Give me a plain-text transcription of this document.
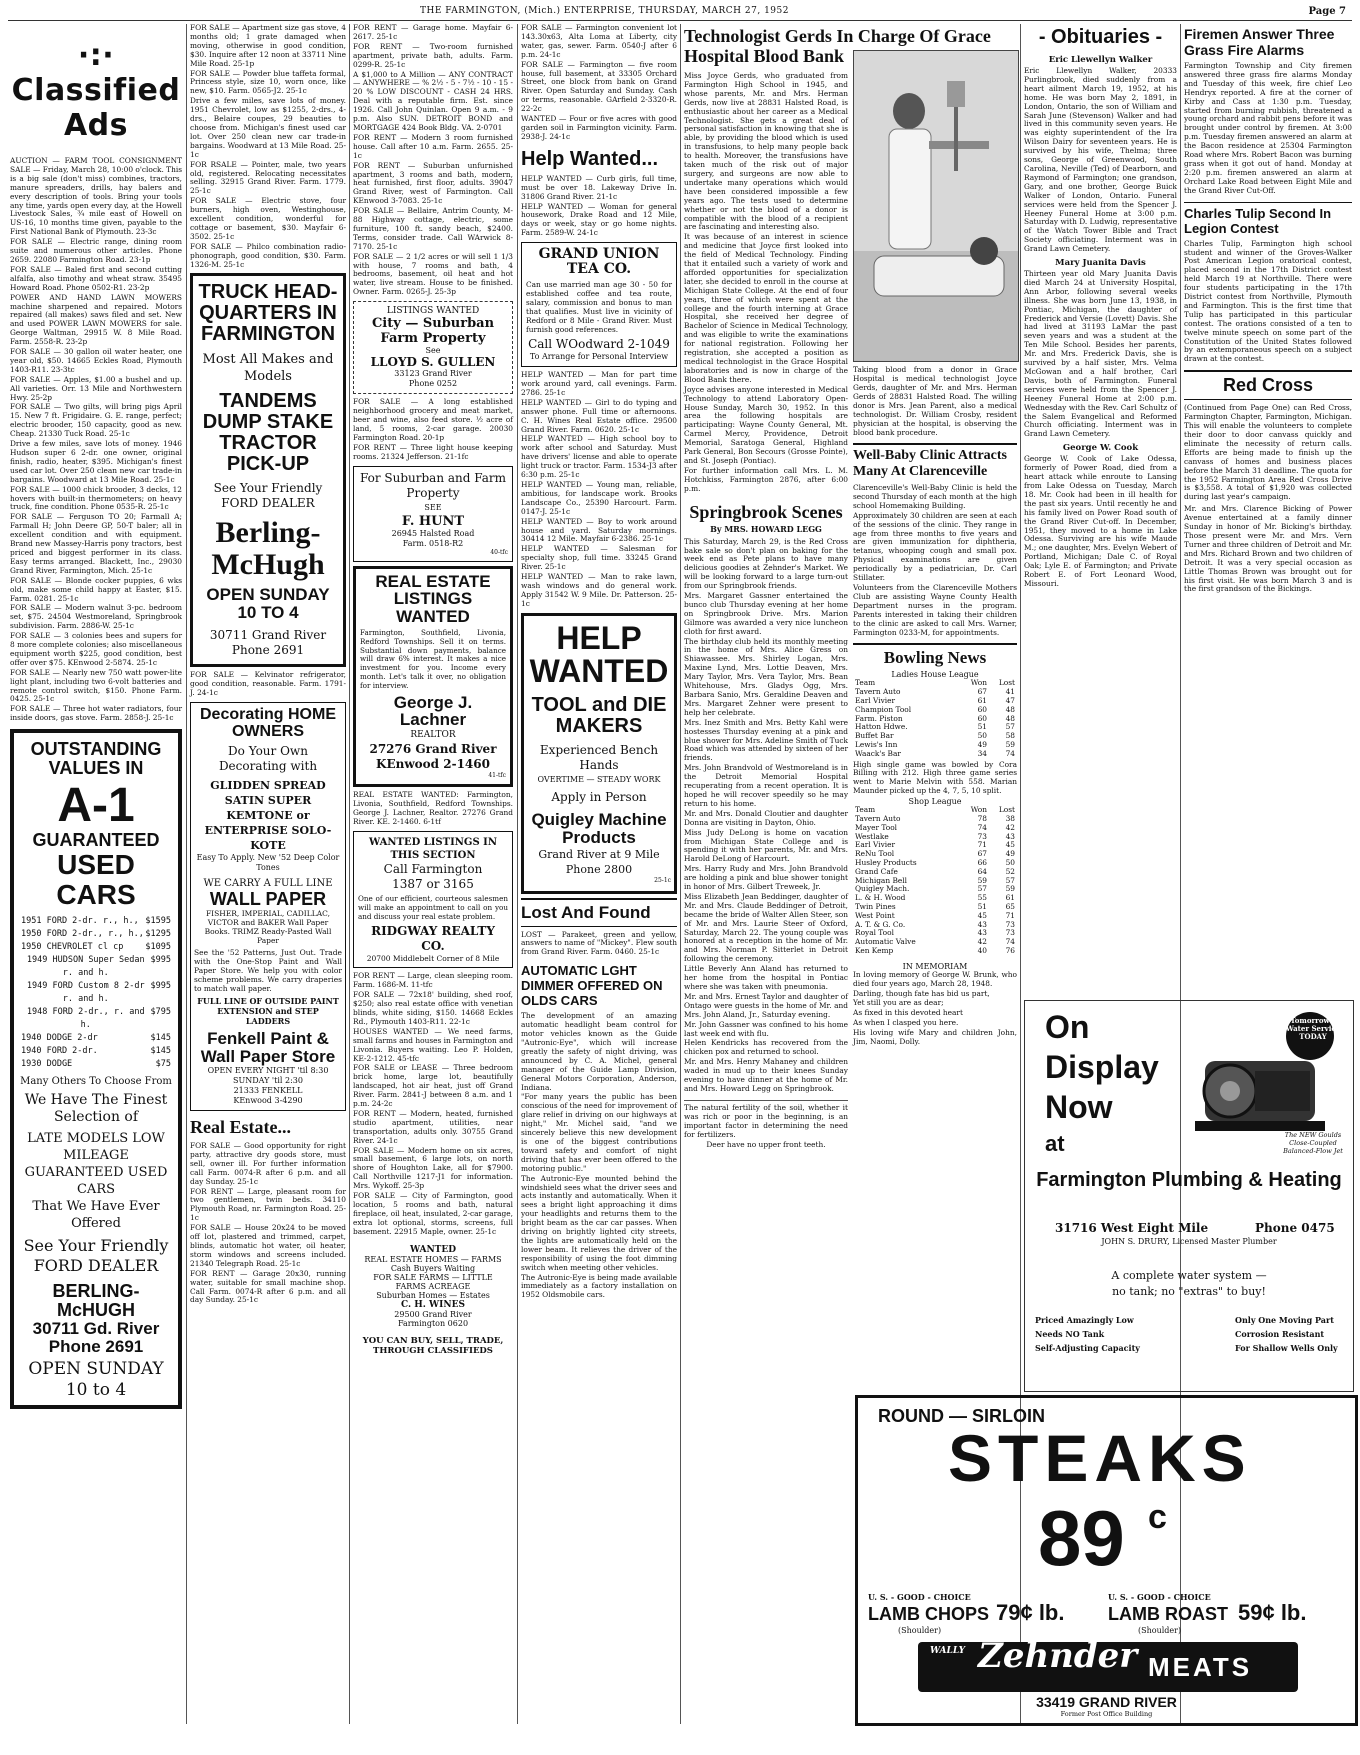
THE FARMINGTON, (Mich.) ENTERPRISE, THURSDAY, MARCH 27, 1952	Page 7
·:· Classified Ads

AUCTION — FARM TOOL CONSIGNMENT SALE — Friday, March 28, 10:00 o'clock. This is a big sale (don't miss) combines, tractors, manure spreaders, drills, hay balers and every description of tools. Bring your tools any time, yards open every day, at the Howell Livestock Sales, ¾ mile east of Howell on US-16, 10 months time given, payable to the First National Bank of Plymouth. 23-3c

FOR SALE — Electric range, dining room suite and numerous other articles. Phone 2659. 22080 Farmington Road. 23-1p

FOR SALE — Baled first and second cutting alfalfa, also timothy and wheat straw. 35495 Howard Road. Phone 0502-R1. 23-2p

POWER AND HAND LAWN MOWERS machine sharpened and repaired. Motors repaired (all makes) saws filed and set. New and used POWER LAWN MOWERS for sale. George Waltman, 29915 W. 8 Mile Road. Farm. 2558-R. 23-2p

FOR SALE — 30 gallon oil water heater, one year old, $50. 14665 Eckles Road, Plymouth 1403-R11. 23-3tc

FOR SALE — Apples, $1.00 a bushel and up. All varieties. Orr. 13 Mile and Northwestern Hwy. 25-2p

FOR SALE — Two gilts, will bring pigs April 15. New 7 ft. Frigidaire. G. E. range, perfect; electric brooder, 150 capacity, good as new. Cheap. 21330 Tuck Road. 25-1c

Drive a few miles, save lots of money. 1946 Hudson super 6 2-dr. one owner, original finish, radio, heater, $395. Michigan's finest used car lot. Over 250 clean new car trade-in bargains. Woodward at 13 Mile Road. 25-1c

FOR SALE — 1000 chick brooder, 3 decks, 12 hovers with built-in thermometers; on heavy truck, fine condition. Phone 0535-R. 25-1c

FOR SALE — Ferguson TO 20; Farmall A; Farmall H; John Deere GP, 50-T baler; all in excellent condition and with equipment. Brand new Massey-Harris pony tractors, best priced and biggest performer in its class. Easy terms arranged. Blackett, Inc., 29030 Grand River, Farmington, Mich. 25-1c

FOR SALE — Blonde cocker puppies, 6 wks old, make some child happy at Easter, $15. Farm. 0281. 25-1c

FOR SALE — Modern walnut 3-pc. bedroom set, $75. 24504 Westmoreland, Springbrook subdivision. Farm. 2886-W. 25-1c

FOR SALE — 3 colonies bees and supers for 8 more complete colonies; also miscellaneous equipment worth $225, good condition, best offer over $75. KEnwood 2-5874. 25-1c

FOR SALE — Nearly new 750 watt power-lite light plant, including two 6-volt batteries and remote control switch, $150. Phone Farm. 0425. 25-1c

FOR SALE — Three hot water radiators, four inside doors, gas stove. Farm. 2858-J. 25-1c

OUTSTANDING VALUES IN
A-1
GUARANTEED
USED CARS
1951 FORD 2-dr. r., h., $1595
1950 FORD 2-dr., r., h., $1295
1950 CHEVROLET cl cp	$1095
1949 HUDSON Super Sedan r. and h.
$995
1949 FORD Custom 8 2-dr r. and h.
$995
1948 FORD 2-dr., r. and h.
$795
1940 DODGE 2-dr	$145
1940 FORD 2-dr.	$145
1930 DODGE	$75
Many Others To Choose From
We Have The Finest Selection of
LATE MODELS LOW MILEAGE GUARANTEED USED CARS
That We Have Ever Offered
See Your Friendly FORD DEALER
BERLING-McHUGH
30711 Gd. River
Phone 2691
OPEN SUNDAY 10 to 4

FOR SALE — Apartment size gas stove, 4 months old; 1 grate damaged when moving, otherwise in good condition, $30. Inquire after 12 noon at 33711 Nine Mile Road. 25-1p

FOR SALE — Powder blue taffeta formal, Princess style, size 10, worn once, like new, $10. Farm. 0565-J2. 25-1c

Drive a few miles, save lots of money. 1951 Chevrolet, low as $1255, 2-drs., 4-drs., Belaire coupes, 29 beauties to choose from. Michigan's finest used car lot. Over 250 clean new car trade-in bargains. Woodward at 13 Mile Road. 25-1c

FOR RSALE — Pointer, male, two years old, registered. Relocating necessitates selling. 32915 Grand River. Farm. 1779. 25-1c

FOR SALE — Electric stove, four burners, high oven, Westinghouse, excellent condition, wonderful for cottage or basement, $30. Mayfair 6-3502. 25-1c

FOR SALE — Philco combination radio-phonograph, good condition, $30. Farm. 1326-M. 25-1c

TRUCK HEAD-QUARTERS IN FARMINGTON
Most All Makes and Models
TANDEMS DUMP STAKE TRACTOR PICK-UP
See Your Friendly FORD DEALER
Berling-McHugh
OPEN SUNDAY 10 TO 4
30711 Grand River
Phone 2691

FOR SALE — Kelvinator refrigerator, good condition, reasonable. Farm. 1791-J. 24-1c

Decorating HOME OWNERS
Do Your Own Decorating with
GLIDDEN SPREAD SATIN SUPER KEMTONE or ENTERPRISE SOLO-KOTE
Easy To Apply. New '52 Deep Color Tones
WE CARRY A FULL LINE
WALL PAPER
FISHER, IMPERIAL, CADILLAC, VICTOR and BAKER Wall Paper Books. TRIMZ Ready-Pasted Wall Paper
See the '52 Patterns, Just Out. Trade with the One-Stop Paint and Wall Paper Store. We help you with color scheme problems. We carry draperies to match wall paper.
FULL LINE OF OUTSIDE PAINT EXTENSION and STEP LADDERS
Fenkell Paint & Wall Paper Store
OPEN EVERY NIGHT 'til 8:30 SUNDAY 'til 2:30
21333 FENKELL
KEnwood 3-4290
Real Estate...

FOR SALE — Good opportunity for right party, attractive dry goods store, must sell, owner ill. For further information call Farm. 0074-R after 6 p.m. and all day Sunday. 25-1c

FOR RENT — Large, pleasant room for two gentlemen, twin beds. 34110 Plymouth Road, nr. Farmington Road. 25-1c

FOR SALE — House 20x24 to be moved off lot, plastered and trimmed, carpet, blinds, automatic hot water, oil heater, storm windows and screens included. 21340 Telegraph Road. 25-1c

FOR RENT — Garage 20x30, running water, suitable for small machine shop. Call Farm. 0074-R after 6 p.m. and all day Sunday. 25-1c

FOR RENT — Garage home. Mayfair 6-2617. 25-1c

FOR RENT — Two-room furnished apartment, private bath, adults. Farm. 0299-R. 25-1c

A $1,000 to A Million — ANY CONTRACT — ANYWHERE — % 2½ - 5 - 7½ - 10 - 15 - 20 % LOW DISCOUNT - CASH 24 HRS. Deal with a reputable firm. Est. since 1926. Call John Quinlan. Open 9 a.m. - 9 p.m. Also SUN. DETROIT BOND and MORTGAGE 424 Book Bldg. VA. 2-0701

FOR RENT — Modern 3 room furnished house. Call after 10 a.m. Farm. 2655. 25-1c

FOR RENT — Suburban unfurnished apartment, 3 rooms and bath, modern, heat furnished, first floor, adults. 39047 Grand River, west of Farmington. Call KEnwood 3-7083. 25-1c

FOR SALE — Bellaire, Antrim County, M-88 Highway cottage, electric, some furniture, 100 ft. sandy beach, $2400. Terms, consider trade. Call WArwick 8-7170. 25-1c

FOR SALE — 2 1/2 acres or will sell 1 1/3 with house, 7 rooms and bath, 4 bedrooms, basement, oil heat and hot water, live stream. House to be finished. Owner. Farm. 0265-J. 25-3p

LISTINGS WANTED
City — Suburban Farm Property
See
LLOYD S. GULLEN
33123 Grand River
Phone 0252

FOR SALE — A long established neighborhood grocery and meat market, beer and wine, also feed store. ½ acre of land, 5 rooms, 2-car garage. 20030 Farmington Road. 20-1p

FOR RENT — Three light house keeping rooms. 21324 Jefferson. 21-1fc

For Suburban and Farm Property
SEE
F. HUNT
26945 Halsted Road
Farm. 0518-R2
40-tfc
REAL ESTATE LISTINGS WANTED
Farmington, Southfield, Livonia, Redford Townships. Sell it on terms. Substantial down payments, balance will draw 6% interest. It makes a nice investment for you. Income every month. Let's talk it over, no obligation for interview.
George J. Lachner
REALTOR
27276 Grand River
KEnwood 2-1460
41-tfc

REAL ESTATE WANTED: Farmington, Livonia, Southfield, Redford Townships. George J. Lachner, Realtor. 27276 Grand River. KE. 2-1460. 6-1tf

WANTED LISTINGS IN THIS SECTION
Call Farmington
1387 or 3165
One of our efficient, courteous salesmen will make an appointment to call on you and discuss your real estate problem.
RIDGWAY REALTY CO.
20700 Middlebelt Corner of 8 Mile

FOR RENT — Large, clean sleeping room. Farm. 1686-M. 11-tfc

FOR SALE — 72x18' building, shed roof, $250; also real estate office with venetian blinds, white siding, $150. 14668 Eckles Rd., Plymouth 1403-R11. 22-1c

HOUSES WANTED — We need farms, small farms and houses in Farmington and Livonia. Buyers waiting. Leo P. Holden, KE-2-1212. 45-tfc

FOR SALE or LEASE — Three bedroom brick home, large lot, beautifully landscaped, hot air heat, just off Grand River. Farm. 2841-J between 8 a.m. and 1 p.m. 24-2c

FOR RENT — Modern, heated, furnished studio apartment, utilities, near transportation, adults only. 30755 Grand River. 24-1c

FOR SALE — Modern home on six acres, small basement, 6 large lots, on north shore of Houghton Lake, all for $7900. Call Northville 1217-J1 for information. Mrs. Wykoff. 25-3p

FOR SALE — City of Farmington, good location, 5 rooms and bath, natural fireplace, oil heat, insulated, 2-car garage, extra lot optional, storms, screens, full basement. 22915 Maple, owner. 25-1c

WANTED
REAL ESTATE HOMES — FARMS
Cash Buyers Waiting
FOR SALE FARMS — LITTLE FARMS ACREAGE
Suburban Homes — Estates
C. H. WINES
29500 Grand River
Farmington 0620
YOU CAN BUY, SELL, TRADE, THROUGH CLASSIFIEDS

FOR SALE — Farmington convenient lot 143.30x63, Alta Loma at Liberty, city water, gas, sewer. Farm. 0540-J after 6 p.m. 24-1c

FOR SALE — Farmington — five room house, full basement, at 33305 Orchard Street, one block from bank on Grand River. Open Saturday and Sunday. Cash or terms, reasonable. GArfield 2-3320-R. 22-2c

WANTED — Four or five acres with good garden soil in Farmington vicinity. Farm. 2938-J. 24-1c

Help Wanted...

HELP WANTED — Curb girls, full time, must be over 18. Lakeway Drive In. 31806 Grand River. 21-1c

HELP WANTED — Woman for general housework, Drake Road and 12 Mile, days or week, stay or go home nights. Farm. 2589-W. 24-1c

GRAND UNION TEA CO.
Can use married man age 30 - 50 for established coffee and tea route, salary, commission and bonus to man that qualifies. Must live in vicinity of Redford or 8 Mile - Grand River. Must furnish good references.
Call WOodward 2-1049
To Arrange for Personal Interview

HELP WANTED — Man for part time work around yard, call evenings. Farm. 2786. 25-1c

HELP WANTED — Girl to do typing and answer phone. Full time or afternoons. C. H. Wines Real Estate office. 29500 Grand River. Farm. 0620. 25-1c

HELP WANTED — High school boy to work after school and Saturday. Must have drivers' license and able to operate light truck or tractor. Farm. 1534-J3 after 6:30 p.m. 25-1c

HELP WANTED — Young man, reliable, ambitious, for landscape work. Brooks Landscape Co., 25390 Harcourt. Farm. 0147-J. 25-1c

HELP WANTED — Boy to work around house and yard. Saturday mornings. 30414 12 Mile. Mayfair 6-2386. 25-1c

HELP WANTED — Salesman for specialty shop, full time. 33245 Grand River. 25-1c

HELP WANTED — Man to rake lawn, wash windows and do general work. Apply 31542 W. 9 Mile. Dr. Patterson. 25-1c

HELP WANTED
TOOL and DIE MAKERS
Experienced Bench Hands
OVERTIME — STEADY WORK
Apply in Person
Quigley Machine Products
Grand River at 9 Mile
Phone 2800
25-1c
Lost And Found

LOST — Parakeet, green and yellow, answers to name of "Mickey". Flew south from Grand River. Farm. 0460. 25-1c

AUTOMATIC LGHT DIMMER OFFERED ON OLDS CARS

The development of an amazing automatic headlight beam control for motor vehicles known as the Guide "Autronic-Eye", which will increase greatly the safety of night driving, was announced by C. A. Michel, general manager of the Guide Lamp Division, General Motors Corporation, Anderson, Indiana.

"For many years the public has been conscious of the need for improvement of glare relief in driving on our highways at night," Mr. Michel said, "and we sincerely believe this new development is one of the biggest contributions toward safety and comfort of night driving that has ever been offered to the motoring public."

The Autronic-Eye mounted behind the windshield sees what the driver sees and acts instantly and automatically. When it sees a bright light approaching it dims your headlights and returns them to the bright beam as the car car passes. When driving on brightly lighted city streets, the lights are automatically held on the lower beam. It relieves the driver of the responsibility of using the foot dimming switch when meeting other vehicles.

The Autronic-Eye is being made available immediately as a factory installation on 1952 Oldsmobile cars.

Technologist Gerds In Charge Of Grace Hospital Blood Bank

Miss Joyce Gerds, who graduated from Farmington High School in 1945, and whose parents, Mr. and Mrs. Herman Gerds, now live at 28831 Halsted Road, is enthusiastic about her career as a Medical Technologist. She gets a great deal of personal satisfaction in knowing that she is able, by providing the blood which is used in transfusions, to help many people back to health. Moreover, the transfusions have taken much of the risk out of major surgery, and surgeons are now able to undertake many operations which would have been considered impossible a few years ago. The tests used to determine whether or not the blood of a donor is compatible with the blood of a recipient are fascinating and interesting also.

It was because of an interest in science and medicine that Joyce first looked into the field of Medical Technology. Finding that it entailed such a variety of work and afforded opportunities for specialization later, she decided to enroll in the course at Michigan State College. At the end of four years, three of which were spent at the college and the fourth interning at Grace Hospital, she received her degree of Bachelor of Science in Medical Technology, and was eligible to write the examinations for national registration. Following her registration, she accepted a position as medical technologist in the Grace Hospital laboratories and is now in charge of the Blood Bank there.

Joyce advises anyone interested in Medical Technology to attend Laboratory Open-House Sunday, March 30, 1952. In this area the following hospitals are participating: Wayne County General, Mt. Carmel Mercy, Providence, Detroit Memorial, Saratoga General, Highland Park General, Bon Secours (Grosse Pointe), and St. Joseph (Pontiac).

For further information call Mrs. L. M. Hotchkiss, Farmington 2876, after 6:00 p.m.

Springbrook Scenes
By MRS. HOWARD LEGG

This Saturday, March 29, is the Red Cross bake sale so don't plan on baking for the week end as Pete plans to have many delicious goodies at Zehnder's Market. We will be looking forward to a large turn-out from our Springbrook friends.

Mrs. Margaret Gassner entertained the bunco club Thursday evening at her home on Springbrook Drive. Mrs. Marion Gilmore was awarded a very nice luncheon cloth for first award.

The birthday club held its monthly meeting in the home of Mrs. Alice Gress on Shiawassee. Mrs. Shirley Logan, Mrs. Maxine Lynd, Mrs. Lottie Deaven, Mrs. Mary Taylor, Mrs. Vera Taylor, Mrs. Bean Whitehouse, Mrs. Gladys Ogg, Mrs. Barbara Sanio, Mrs. Geraldine Deaven and Mrs. Margaret Zehner were present to help her celebrate.

Mrs. Inez Smith and Mrs. Betty Kahl were hostesses Thursday evening at a pink and blue shower for Mrs. Adeline Smith of Tuck Road which was attended by sixteen of her friends.

Mrs. John Brandvold of Westmoreland is in the Detroit Memorial Hospital recuperating from a recent operation. It is hoped he will recover speedily so he may return to his home.

Mr. and Mrs. Donald Cloutier and daughter Donna are visiting in Dayton, Ohio.

Miss Judy DeLong is home on vacation from Michigan State College and is spending it with her parents, Mr. and Mrs. Harold DeLong of Harcourt.

Mrs. Harry Rudy and Mrs. John Brandvold are holding a pink and blue shower tonight in honor of Mrs. Gilbert Treweek, Jr.

Miss Elizabeth Jean Beddinger, daughter of Mr. and Mrs. Claude Beddinger of Detroit, became the bride of Walter Allen Steer, son of Mr. and Mrs. Laurie Steer of Oxford, Saturday, March 22. The young couple was honored at a reception in the home of Mr. and Mrs. Norman P. Sitterlet in Detroit following the ceremony.

Little Beverly Ann Aland has returned to her home from the hospital in Pontiac where she was taken with pneumonia.

Mr. and Mrs. Ernest Taylor and daughter of Ontago were guests in the home of Mr. and Mrs. John Aland, Jr., Saturday evening.

Mr. John Gassner was confined to his home last week end with flu.

Helen Kendricks has recovered from the chicken pox and returned to school.

Mr. and Mrs. Henry Mahaney and children waded in mud up to their knees Sunday evening to have dinner at the home of Mr. and Mrs. Howard Legg on Springbrook.

The natural fertility of the soil, whether it was rich or poor in the beginning, is an important factor in determining the need for fertilizers.

Deer have no upper front teeth.

Taking blood from a donor in Grace Hospital is medical technologist Joyce Gerds, daughter of Mr. and Mrs. Herman Gerds of 28831 Halsted Road. The willing donor is Mrs. Jean Parent, also a medical technologist. Dr. William Crosby, resident physician at the hospital, is observing the blood bank procedure.

Well-Baby Clinic Attracts Many At Clarenceville

Clarenceville's Well-Baby Clinic is held the second Thursday of each month at the high school Homemaking Building.

Approximately 30 children are seen at each of the sessions of the clinic. They range in age from three months to five years and are given immunization for diphtheria, tetanus, whooping cough and small pox. Physical examinations are given periodically by a pediatrician, Dr. Carl Stillater.

Volunteers from the Clarenceville Mothers Club are assisting Wayne County Health Department nurses in the program. Parents interested in taking their children to the clinic are asked to call Mrs. Warner, Farmington 0233-M, for appointments.

Bowling News
Ladies House League
Team	Won	Lost
Tavern Auto	67	41
Earl Vivier	61	47
Champion Tool	60	48
Farm. Piston	60	48
Hatton Hdwe.	51	57
Buffet Bar	50	58
Lewis's Inn	49	59
Waack's Bar	34	74

High single game was bowled by Cora Billing with 212. High three game series went to Marie Melvin with 558. Marian Maunder picked up the 4, 7, 5, 10 split.

Shop League
Team	Won	Lost
Tavern Auto	78	38
Mayer Tool	74	42
Westlake	73	43
Earl Vivier	71	45
ReNu Tool	67	49
Husley Products	66	50
Grand Cafe	64	52
Michigan Bell	59	57
Quigley Mach.	57	59
L. & H. Wood	55	61
Twin Pines	51	65
West Point	45	71
A. T. & G. Co.	43	73
Royal Tool	43	73
Automatic Valve	42	74
Ken Kemp	40	76
IN MEMORIAM

In loving memory of George W. Brunk, who died four years ago, March 28, 1948.

Darling, though fate has bid us part,

Yet still you are as dear;

As fixed in this devoted heart

As when I clasped you here.

His loving wife Mary and children John, Jim, Naomi, Dolly.

- Obituaries -
Eric Llewellyn Walker

Eric Llewellyn Walker, 20333 Purlingbrook, died suddenly from a heart ailment March 19, 1952, at his home. He was born May 2, 1891, in London, Ontario, the son of William and Sarah June (Stevenson) Walker and had lived in this community seven years. He was eighty superintendent of the Ira Wilson Dairy for seventeen years. He is survived by his wife, Thelma; three sons, George of Greenwood, South Carolina, Neville (Ted) of Dearborn, and Raymond of Farmington; one grandson, Gary, and one brother, George Buick Walker of London, Ontario. Funeral services were held from the Spencer J. Heeney Funeral Home at 3:00 p.m. Saturday with D. Ludwig, representative of the Watch Tower Bible and Tract Society officiating. Interment was in Grand Lawn Cemetery.

Mary Juanita Davis

Thirteen year old Mary Juanita Davis died March 24 at University Hospital, Ann Arbor, following several weeks illness. She was born June 13, 1938, in Pontiac, Michigan, the daughter of Frederick and Versie (Lovett) Davis. She had lived at 31193 LaMar the past seven years and was a student at the Ten Mile School. Besides her parents, Mr. and Mrs. Frederick Davis, she is survived by a half sister, Mrs. Velma McGowan and a half brother, Carl Davis, both of Farmington. Funeral services were held from the Spencer J. Heeney Funeral Home at 2:00 p.m. Wednesday with the Rev. Carl Schultz of the Salem Evangelical and Reformed Church officiating. Interment was in Grand Lawn Cemetery.

George W. Cook

George W. Cook of Lake Odessa, formerly of Power Road, died from a heart attack while enroute to Lansing from Lake Odessa on Tuesday, March 18. Mr. Cook had been in ill health for the past six years. Until recently he and his family lived on Power Road south of the Grand River Cut-off. In December, 1951, they moved to a home in Lake Odessa. Surviving are his wife Maude M.; one daughter, Mrs. Evelyn Webert of Portland, Michigan; Dale C. of Royal Oak; Lyle E. of Farmington; and Private Robert E. of Fort Leonard Wood, Missouri.

Firemen Answer Three Grass Fire Alarms

Farmington Township and City firemen answered three grass fire alarms Monday and Tuesday of this week, fire chief Leo Hendryx reported. A fire at the corner of Kirby and Cass at 1:30 p.m. Tuesday, started from burning rubbish, threatened a young orchard and rabbit pens before it was brought under control by firemen. At 3:00 p.m. Tuesday firemen answered an alarm at the Bacon residence at 25304 Farmington Road where Mrs. Robert Bacon was burning grass when it got out of hand. Monday at 2:20 p.m. firemen answered an alarm at Orchard Lake Road between Eight Mile and the Grand River Cut-Off.

Charles Tulip Second In Legion Contest

Charles Tulip, Farmington high school student and winner of the Groves-Walker Post American Legion oratorical contest, placed second in the 17th District contest held March 19 at Northville. There were four students participating in the 17th District contest from Northville, Plymouth and Farmington. This is the first time that Tulip has participated in this particular contest. The orations consisted of a ten to twelve minute speech on some part of the Constitution of the United States followed by an extemporaneous speech on a subject drawn at the contest.

Red Cross

(Continued from Page One) can Red Cross, Farmington Chapter, Farmington, Michigan. This will enable the volunteers to complete their door to door canvass quickly and eliminate the necessity of return calls. Efforts are being made to finish up the canvass of homes and business places before the March 31 deadline. The quota for the 1952 Farmington Area Red Cross Drive is $3,558. A total of $1,920 was collected during last year's campaign.

Mr. and Mrs. Clarence Bicking of Power Avenue entertained at a family dinner Sunday in honor of Mr. Bicking's birthday. Those present were Mr. and Mrs. Vern Turner and three children of Detroit and Mr. and Mrs. Richard Brown and two children of Detroit. It was a very special occasion as Little Thomas Brown was brought out for his first visit. He was born March 3 and is the first grandson of the Bickings.

On
Display
Now
at
Tomorrow's Water Service TODAY
The NEW Goulds Close-Coupled Balanced-Flow Jet
Farmington Plumbing & Heating
31716 West Eight Mile	Phone 0475
JOHN S. DRURY, Licensed Master Plumber
A complete water system —
no tank; no "extras" to buy!
Priced Amazingly Low
Needs NO Tank
Self-Adjusting Capacity
Only One Moving Part
Corrosion Resistant
For Shallow Wells Only
ROUND — SIRLOIN
STEAKS
89 c
U. S. - GOOD - CHOICE
LAMB CHOPS 79¢ lb.
(Shoulder)
U. S. - GOOD - CHOICE
LAMB ROAST 59¢ lb.
(Shoulder)
WALLY Zehnder MEATS
33419 GRAND RIVER
Former Post Office Building
